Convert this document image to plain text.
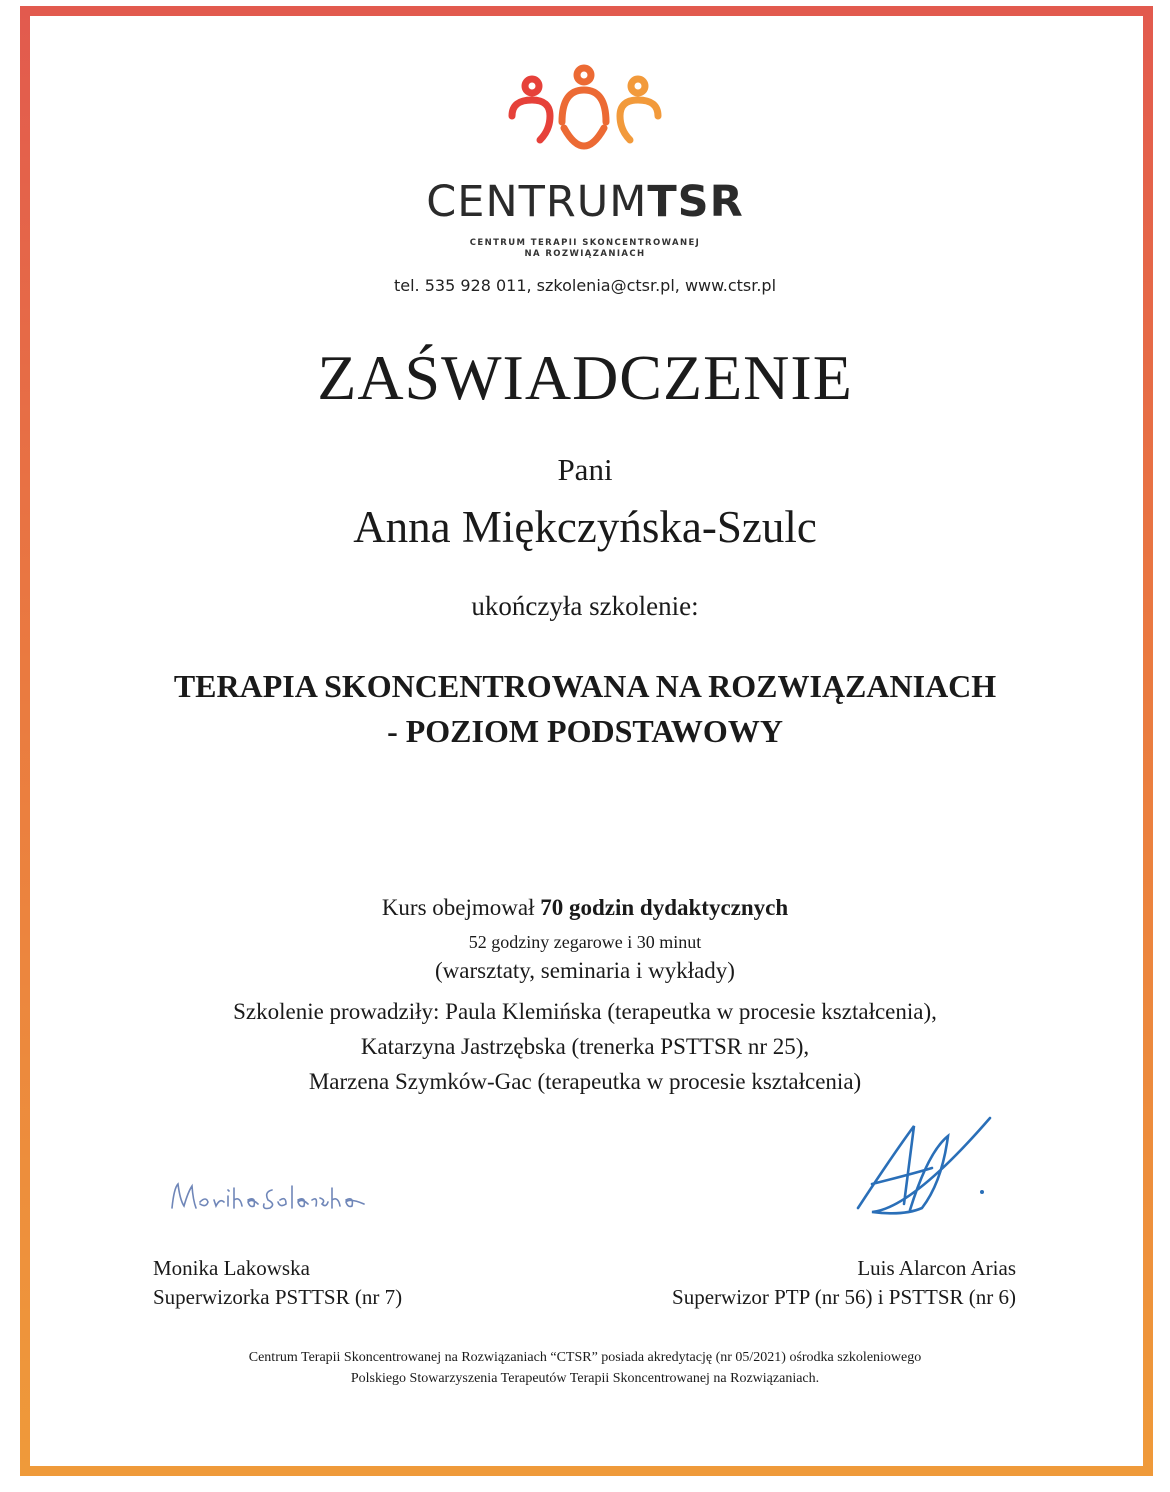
CENTRUMTSR
CENTRUM TERAPII SKONCENTROWANEJ
NA ROZWIĄZANIACH
tel. 535 928 011, szkolenia@ctsr.pl, www.ctsr.pl
ZAŚWIADCZENIE
Pani
Anna Miękczyńska-Szulc
ukończyła szkolenie:
TERAPIA SKONCENTROWANA NA ROZWIĄZANIACH
- POZIOM PODSTAWOWY
Kurs obejmował 70 godzin dydaktycznych
52 godziny zegarowe i 30 minut
(warsztaty, seminaria i wykłady)
Szkolenie prowadziły: Paula Klemińska (terapeutka w procesie kształcenia),
Katarzyna Jastrzębska (trenerka PSTTSR nr 25),
Marzena Szymków-Gac (terapeutka w procesie kształcenia)
Monika Lakowska
Superwizorka PSTTSR (nr 7)
Luis Alarcon Arias
Superwizor PTP (nr 56) i PSTTSR (nr 6)
Centrum Terapii Skoncentrowanej na Rozwiązaniach “CTSR” posiada akredytację (nr 05/2021) ośrodka szkoleniowego
Polskiego Stowarzyszenia Terapeutów Terapii Skoncentrowanej na Rozwiązaniach.
